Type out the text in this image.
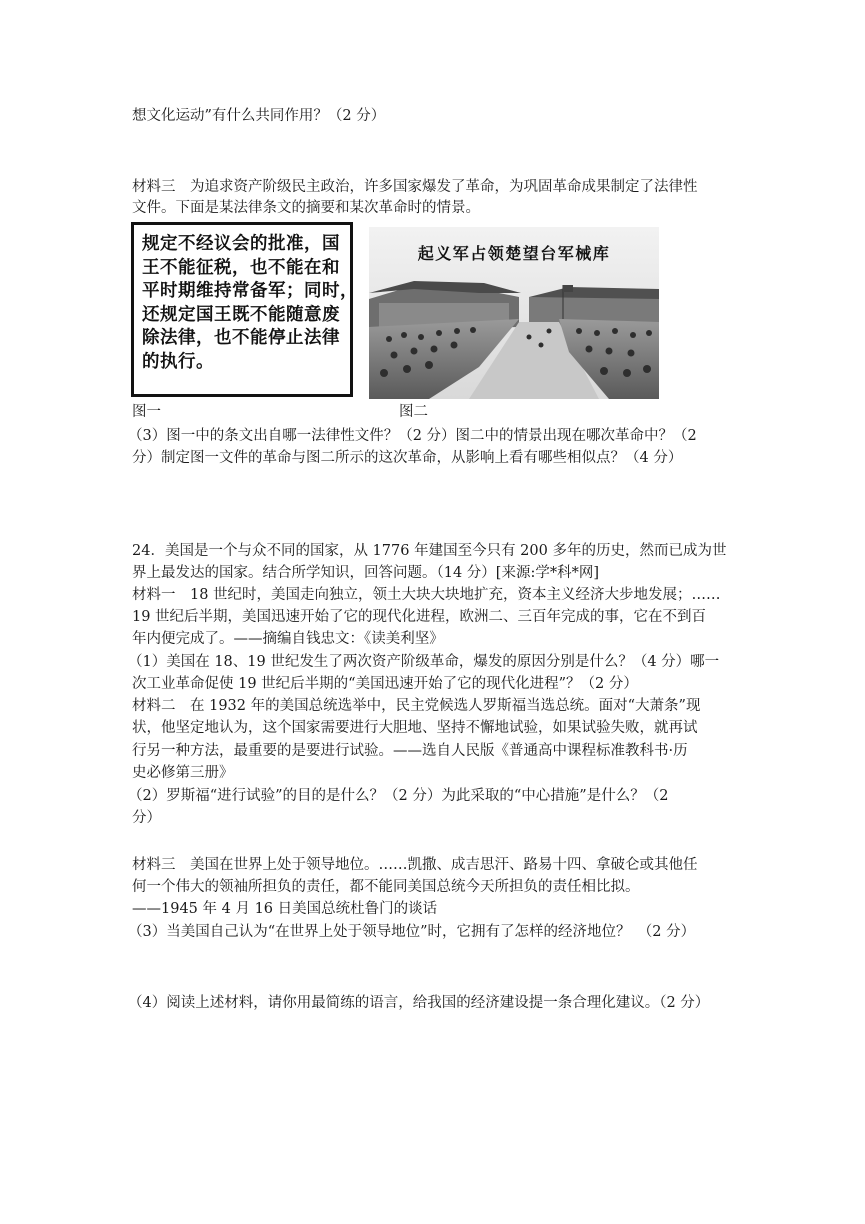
想文化运动”有什么共同作用？（2 分）
材料三　为追求资产阶级民主政治，许多国家爆发了革命，为巩固革命成果制定了法律性
文件。下面是某法律条文的摘要和某次革命时的情景。
规定不经议会的批准，国
王不能征税，也不能在和
平时期维持常备军；同时，
还规定国王既不能随意废
除法律，也不能停止法律
的执行。
起义军占领楚望台军械库
图一	图二
（3）图一中的条文出自哪一法律性文件？（2 分）图二中的情景出现在哪次革命中？（2
分）制定图一文件的革命与图二所示的这次革命，从影响上看有哪些相似点？（4 分）
24．美国是一个与众不同的国家，从 1776 年建国至今只有 200 多年的历史，然而已成为世
界上最发达的国家。结合所学知识，回答问题。（14 分）[来源:学*科*网]
材料一　18 世纪时，美国走向独立，领土大块大块地扩充，资本主义经济大步地发展；……
19 世纪后半期，美国迅速开始了它的现代化进程，欧洲二、三百年完成的事，它在不到百
年内便完成了。——摘编自钱忠文：《读美利坚》
（1）美国在 18、19 世纪发生了两次资产阶级革命，爆发的原因分别是什么？（4 分）哪一
次工业革命促使 19 世纪后半期的“美国迅速开始了它的现代化进程”？（2 分）
材料二　在 1932 年的美国总统选举中，民主党候选人罗斯福当选总统。面对“大萧条”现
状，他坚定地认为，这个国家需要进行大胆地、坚持不懈地试验，如果试验失败，就再试
行另一种方法，最重要的是要进行试验。——选自人民版《普通高中课程标准教科书·历
史必修第三册》
（2）罗斯福“进行试验”的目的是什么？（2 分）为此采取的“中心措施”是什么？（2
分）
材料三　美国在世界上处于领导地位。……凯撒、成吉思汗、路易十四、拿破仑或其他任
何一个伟大的领袖所担负的责任，都不能同美国总统今天所担负的责任相比拟。
——1945 年 4 月 16 日美国总统杜鲁门的谈话
（3）当美国自己认为“在世界上处于领导地位”时，它拥有了怎样的经济地位？　（2 分）
（4）阅读上述材料，请你用最简练的语言，给我国的经济建设提一条合理化建议。（2 分）
